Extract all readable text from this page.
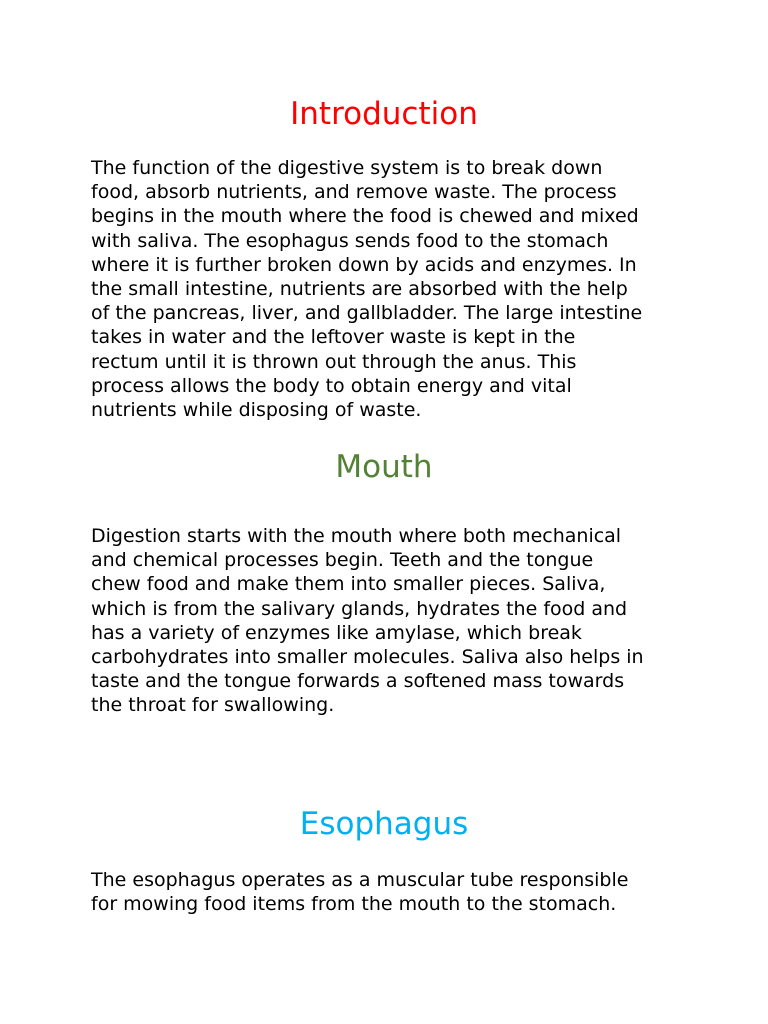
Introduction
The function of the digestive system is to break down
food, absorb nutrients, and remove waste. The process
begins in the mouth where the food is chewed and mixed
with saliva. The esophagus sends food to the stomach
where it is further broken down by acids and enzymes. In
the small intestine, nutrients are absorbed with the help
of the pancreas, liver, and gallbladder. The large intestine
takes in water and the leftover waste is kept in the
rectum until it is thrown out through the anus. This
process allows the body to obtain energy and vital
nutrients while disposing of waste.
Mouth
Digestion starts with the mouth where both mechanical
and chemical processes begin. Teeth and the tongue
chew food and make them into smaller pieces. Saliva,
which is from the salivary glands, hydrates the food and
has a variety of enzymes like amylase, which break
carbohydrates into smaller molecules. Saliva also helps in
taste and the tongue forwards a softened mass towards
the throat for swallowing.
Esophagus
The esophagus operates as a muscular tube responsible
for mowing food items from the mouth to the stomach.
